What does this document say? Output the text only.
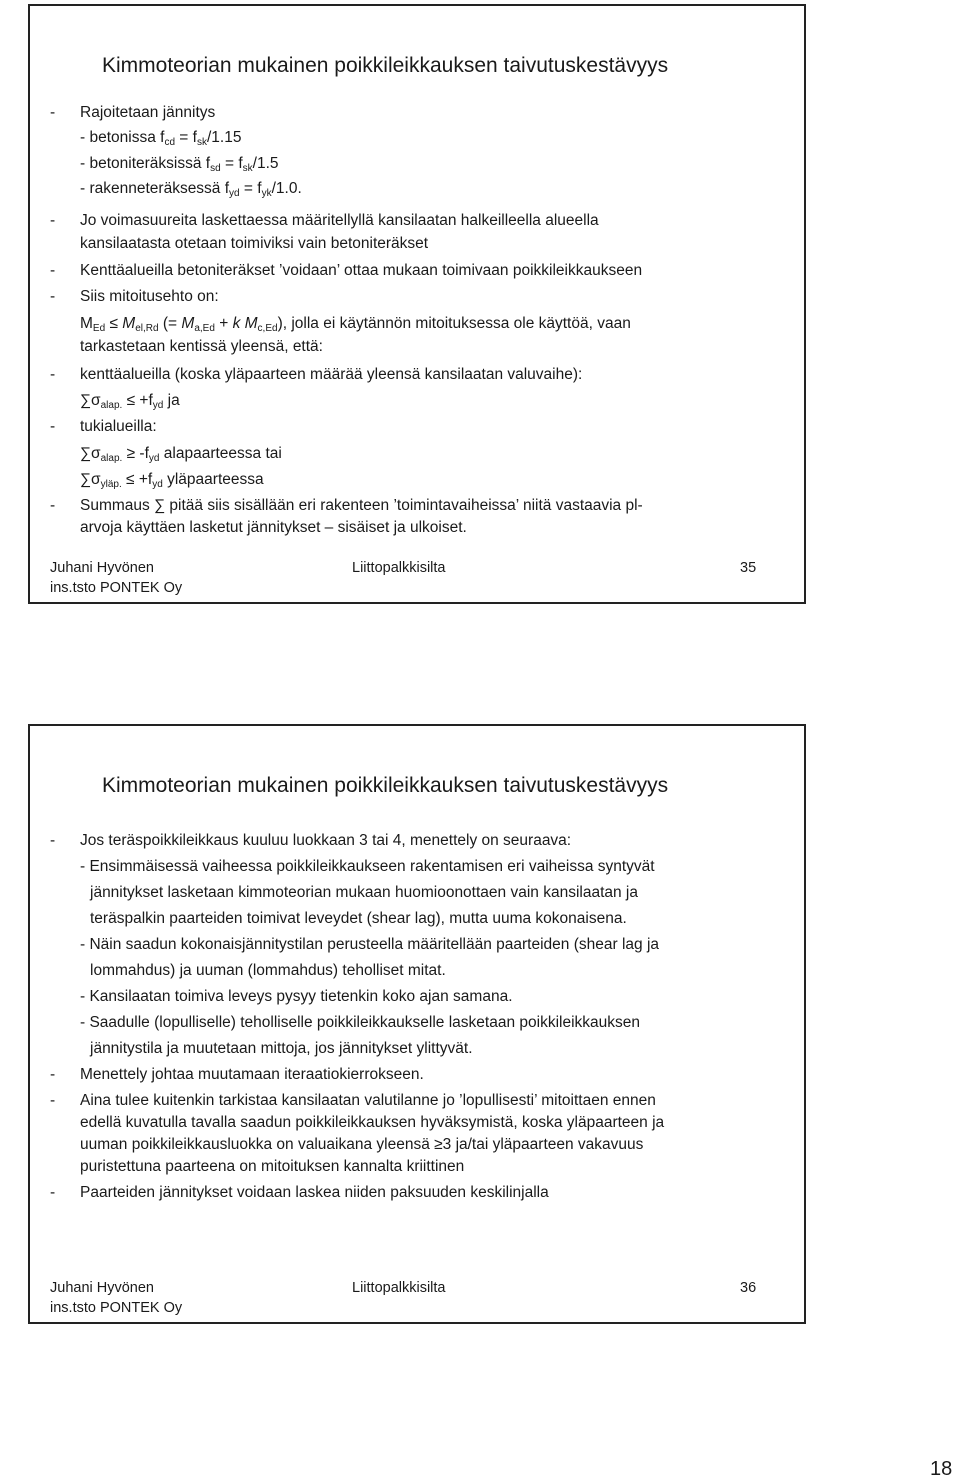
Kimmoteorian mukainen poikkileikkauksen taivutuskestävyys
- Rajoitetaan jännitys
- betonissa $f_{cd} = f_{sk}/1.15$
- betoniteräksissä $f_{sd} = f_{sk}/1.5$
- rakenneteräksessä $f_{yd} = f_{yk}/1.0$.
- Jo voimasuureita laskettaessa määritellyllä kansilaatan halkeilleella alueella
kansilaatasta otetaan toimiviksi vain betoniteräkset
- Kenttäalueilla betoniteräkset ’voidaan’ ottaa mukaan toimivaan poikkileikkaukseen
- Siis mitoitusehto on:
$M_{Ed} \le M_{el,Rd}$ (= $M_{a,Ed} + k$ $M_{c,Ed}$), jolla ei käytännön mitoituksessa ole käyttöä, vaan
tarkastetaan kentissä yleensä, että:
- kenttäalueilla (koska yläpaarteen määrää yleensä kansilaatan valuvaihe):
$\sum\sigma_{alap.} \le +f_{yd}$ ja
- tukialueilla:
$\sum\sigma_{alap.} \ge -f_{yd}$ alapaarteessa tai
$\sum\sigma_{yläp.} \le +f_{yd}$ yläpaarteessa
- Summaus ∑ pitää siis sisällään eri rakenteen ’toimintavaiheissa’ niitä vastaavia pl-
arvoja käyttäen lasketut jännitykset – sisäiset ja ulkoiset.
Juhani Hyvönen
ins.tsto PONTEK Oy
Liittopalkkisilta	35
Kimmoteorian mukainen poikkileikkauksen taivutuskestävyys
- Jos teräspoikkileikkaus kuuluu luokkaan 3 tai 4, menettely on seuraava:
- Ensimmäisessä vaiheessa poikkileikkaukseen rakentamisen eri vaiheissa syntyvät
jännitykset lasketaan kimmoteorian mukaan huomioonottaen vain kansilaatan ja
teräspalkin paarteiden toimivat leveydet (shear lag), mutta uuma kokonaisena.
- Näin saadun kokonaisjännitystilan perusteella määritellään paarteiden (shear lag ja
lommahdus) ja uuman (lommahdus) teholliset mitat.
- Kansilaatan toimiva leveys pysyy tietenkin koko ajan samana.
- Saadulle (lopulliselle) teholliselle poikkileikkaukselle lasketaan poikkileikkauksen
jännitystila ja muutetaan mittoja, jos jännitykset ylittyvät.
- Menettely johtaa muutamaan iteraatiokierrokseen.
- Aina tulee kuitenkin tarkistaa kansilaatan valutilanne jo ’lopullisesti’ mitoittaen ennen
edellä kuvatulla tavalla saadun poikkileikkauksen hyväksymistä, koska yläpaarteen ja
uuman poikkileikkausluokka on valuaikana yleensä ≥3 ja/tai yläpaarteen vakavuus
puristettuna paarteena on mitoituksen kannalta kriittinen
- Paarteiden jännitykset voidaan laskea niiden paksuuden keskilinjalla
Juhani Hyvönen
ins.tsto PONTEK Oy
Liittopalkkisilta	36
18
